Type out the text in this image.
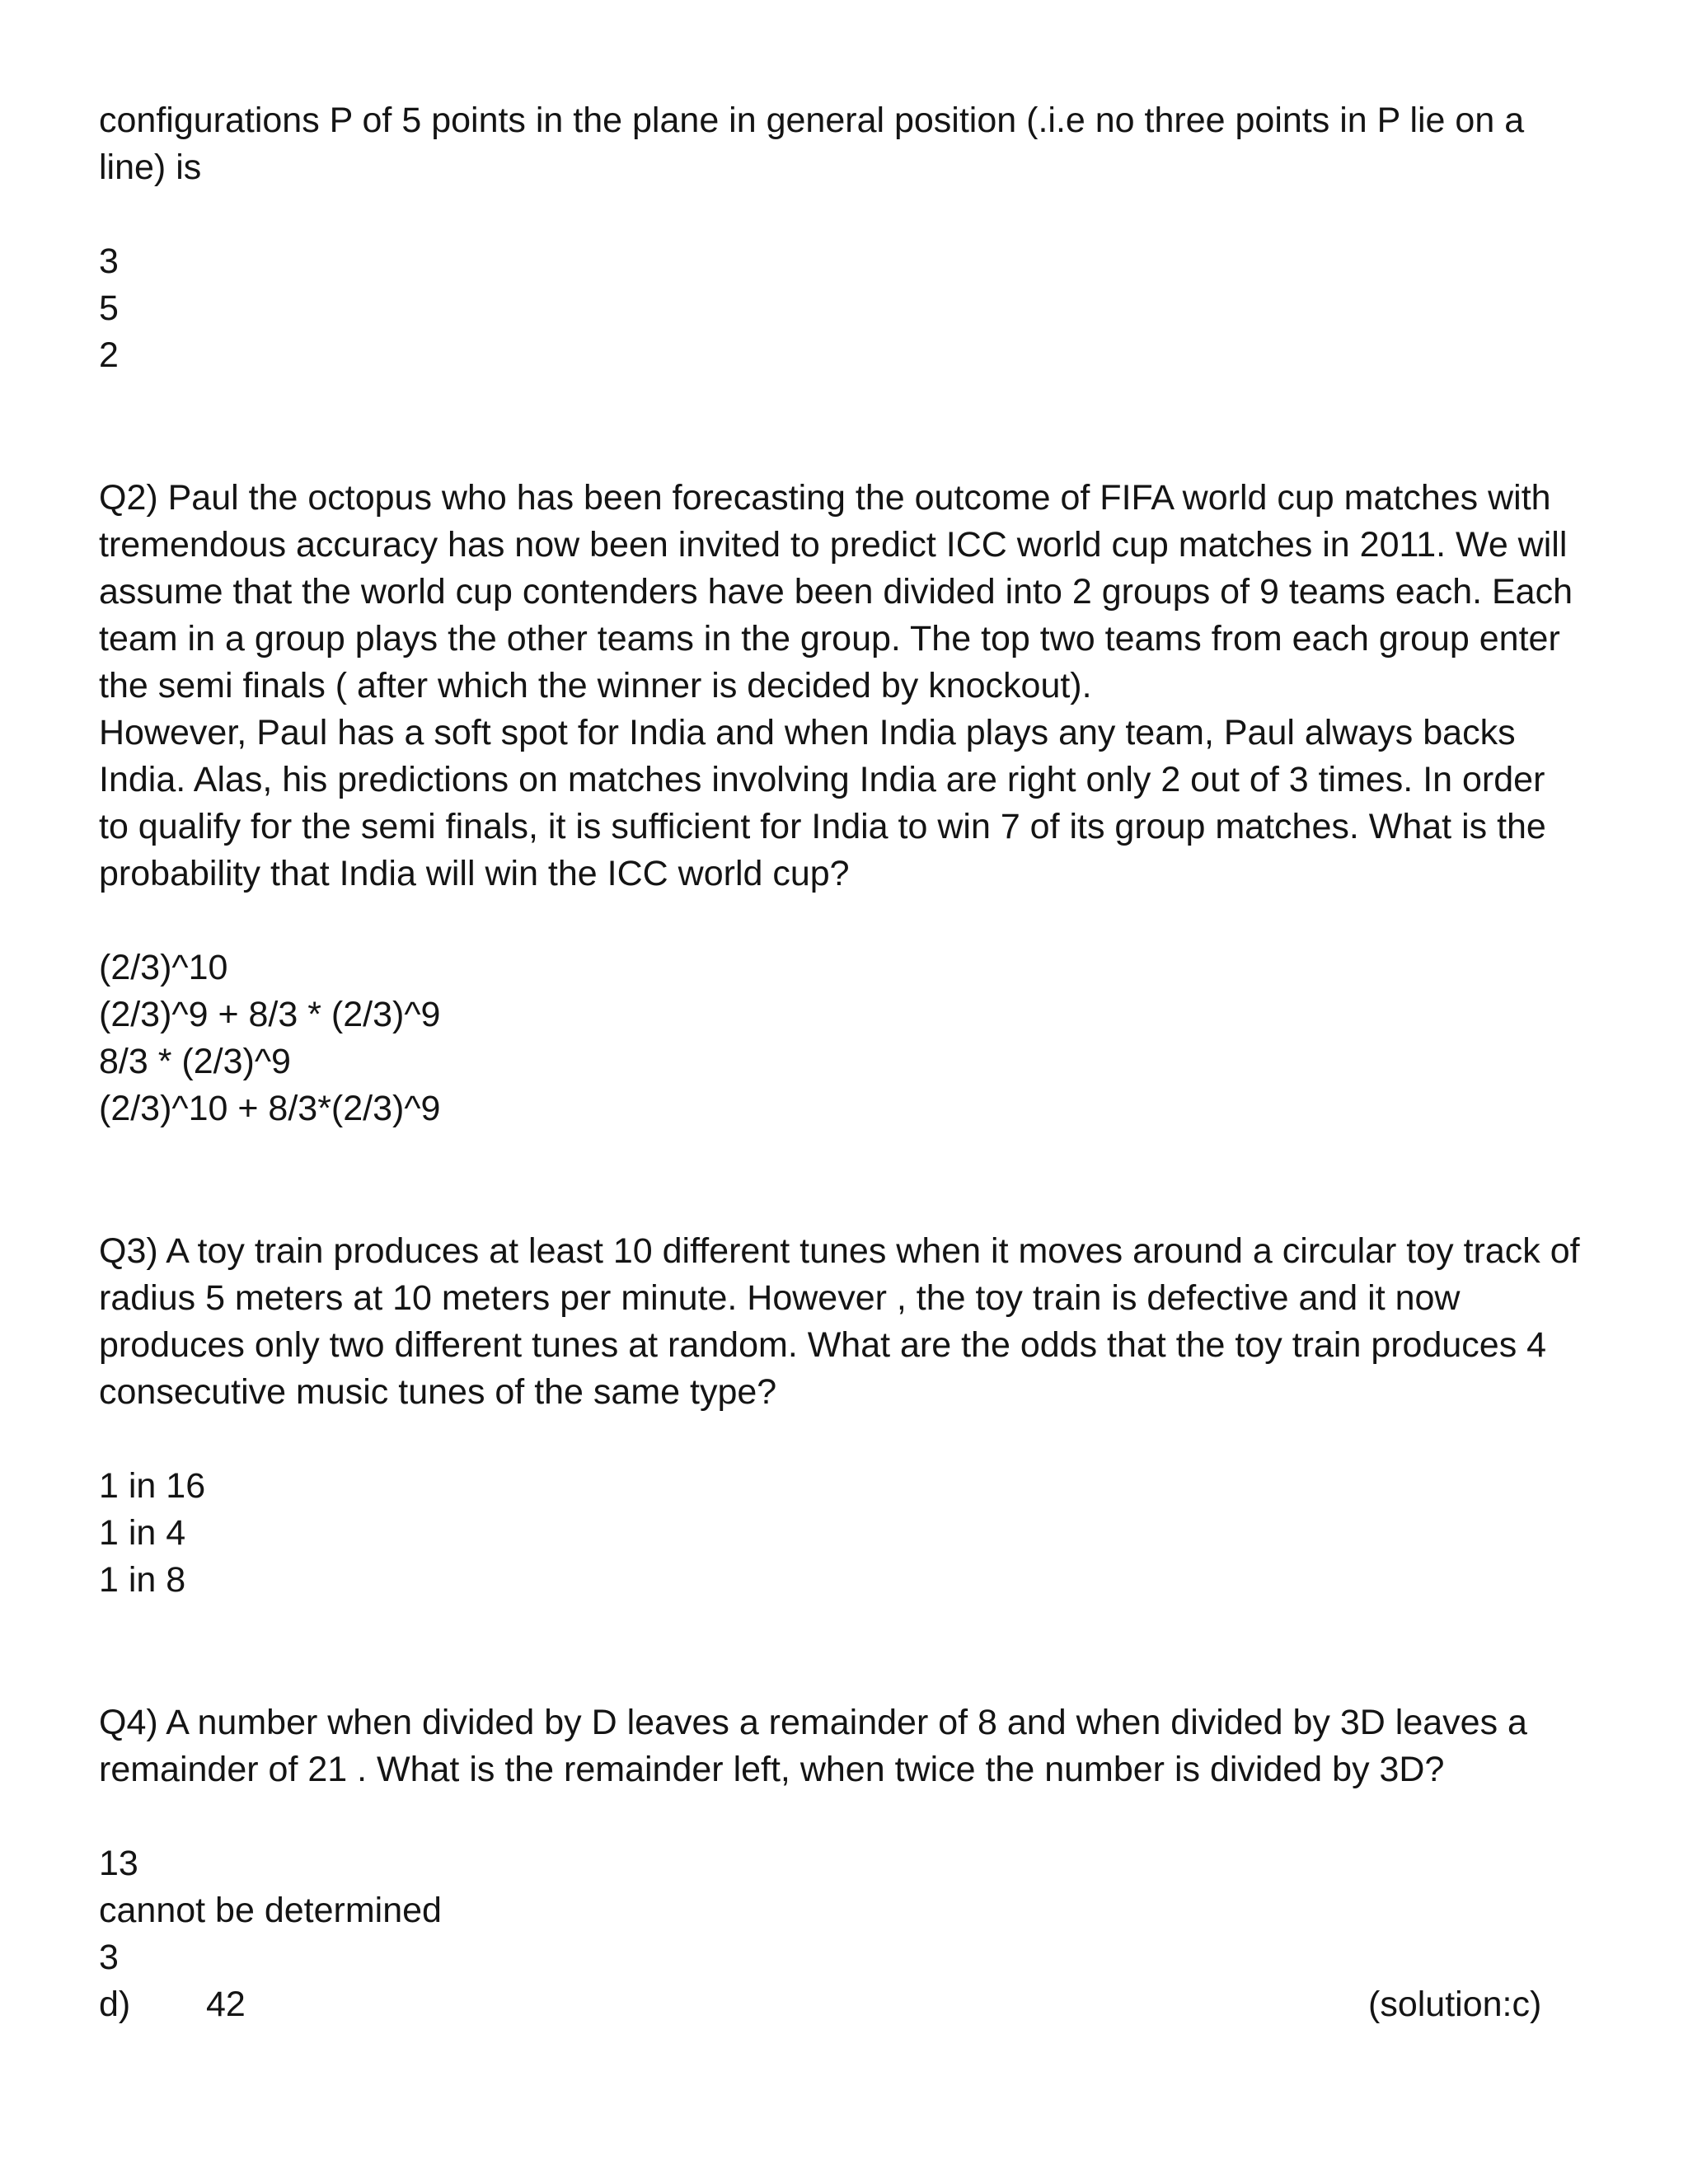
configurations P of 5 points in the plane in general position (.i.e no three points in P lie on a line) is

3
5
2

Q2) Paul the octopus who has been forecasting the outcome of FIFA world cup matches with tremendous accuracy has now been invited to predict ICC world cup matches in 2011. We will assume that the world cup contenders have been divided into 2 groups of 9 teams each. Each team in a group plays the other teams in the group. The top two teams from each group enter the semi finals ( after which the winner is decided by knockout).

However, Paul has a soft spot for India and when India plays any team, Paul always backs India. Alas, his predictions on matches involving India are right only 2 out of 3 times. In order to qualify for the semi finals, it is sufficient for India to win 7 of its group matches. What is the probability that India will win the ICC world cup?

(2/3)^10
(2/3)^9 + 8/3 * (2/3)^9
8/3 * (2/3)^9
(2/3)^10 + 8/3*(2/3)^9

Q3) A toy train produces at least 10 different tunes when it moves around a circular toy track of radius 5 meters at 10 meters per minute. However , the toy train is defective and it now produces only two different tunes at random. What are the odds that the toy train produces 4 consecutive music tunes of the same type?

1 in 16
1 in 4
1 in 8

Q4) A number when divided by D leaves a remainder of 8 and when divided by 3D leaves a remainder of 21 . What is the remainder left, when twice the number is divided by 3D?

13
cannot be determined
3
d) 42	(solution:c)
